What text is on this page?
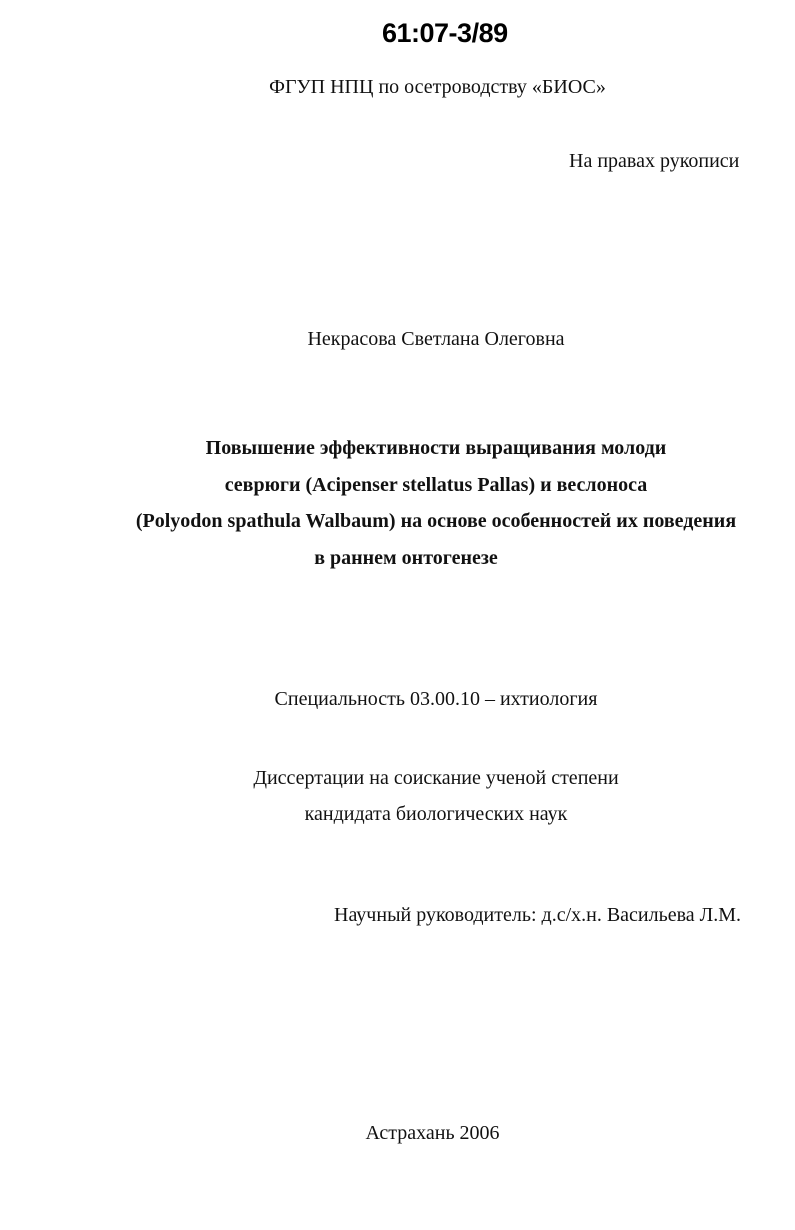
61:07-3/89
ФГУП НПЦ по осетроводству «БИОС»
На правах рукописи
Некрасова Светлана Олеговна
Повышение эффективности выращивания молоди
севрюги (Acipenser stellatus Pallas) и веслоноса
(Polyodon spathula Walbaum) на основе особенностей их поведения
в раннем онтогенезе
Специальность 03.00.10 – ихтиология
Диссертации на соискание ученой степени
кандидата биологических наук
Научный руководитель: д.с/х.н. Васильева Л.М.
Астрахань 2006
